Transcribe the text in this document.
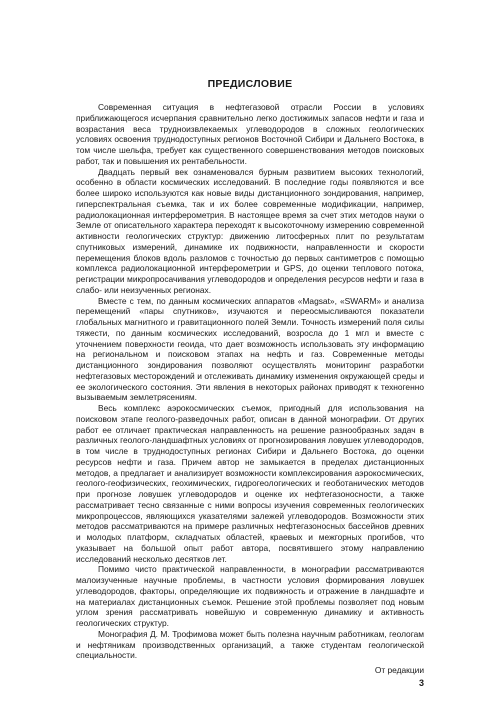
ПРЕДИСЛОВИЕ

Современная ситуация в нефтегазовой отрасли России в условиях приближающегося исчерпания сравнительно легко достижимых запасов нефти и газа и возрастания веса трудноизвлекаемых углеводородов в сложных геологических условиях освоения труднодоступных регионов Восточной Сибири и Дальнего Востока, в том числе шельфа, требует как существенного совершенствования методов поисковых работ, так и повышения их рентабельности.

Двадцать первый век ознаменовался бурным развитием высоких технологий, особенно в области космических исследований. В последние годы появляются и все более широко используются как новые виды дистанционного зондирования, например, гиперспектральная съемка, так и их более современные модификации, например, радиолокационная интерферометрия. В настоящее время за счет этих методов науки о Земле от описательного характера переходят к высокоточному измерению современной активности геологических структур: движению литосферных плит по результатам спутниковых измерений, динамике их подвижности, направленности и скорости перемещения блоков вдоль разломов с точностью до первых сантиметров с помощью комплекса радиолокационной интерферометрии и GPS, до оценки теплового потока, регистрации микропросачивания углеводородов и определения ресурсов нефти и газа в слабо- или неизученных регионах.

Вместе с тем, по данным космических аппаратов «Magsat», «SWARM» и анализа перемещений «пары спутников», изучаются и переосмысливаются показатели глобальных магнитного и гравитационного полей Земли. Точность измерений поля силы тяжести, по данным космических исследований, возросла до 1 мгл и вместе с уточнением поверхности геоида, что дает возможность использовать эту информацию на региональном и поисковом этапах на нефть и газ. Современные методы дистанционного зондирования позволяют осуществлять мониторинг разработки нефтегазовых месторождений и отслеживать динамику изменения окружающей среды и ее экологического состояния. Эти явления в некоторых районах приводят к техногенно вызываемым землетрясениям.

Весь комплекс аэрокосмических съемок, пригодный для использования на поисковом этапе геолого-разведочных работ, описан в данной монографии. От других работ ее отличает практическая направленность на решение разнообразных задач в различных геолого-ландшафтных условиях от прогнозирования ловушек углеводородов, в том числе в труднодоступных регионах Сибири и Дальнего Востока, до оценки ресурсов нефти и газа. Причем автор не замыкается в пределах дистанционных методов, а предлагает и анализирует возможности комплексирования аэрокосмических, геолого-геофизических, геохимических, гидрогеологических и геоботанических методов при прогнозе ловушек углеводородов и оценке их нефтегазоносности, а также рассматривает тесно связанные с ними вопросы изучения современных геологических микропроцессов, являющихся указателями залежей углеводородов. Возможности этих методов рассматриваются на примере различных нефтегазоносных бассейнов древних и молодых платформ, складчатых областей, краевых и межгорных прогибов, что указывает на большой опыт работ автора, посвятившего этому направлению исследований несколько десятков лет.

Помимо чисто практической направленности, в монографии рассматриваются малоизученные научные проблемы, в частности условия формирования ловушек углеводородов, факторы, определяющие их подвижность и отражение в ландшафте и на материалах дистанционных съемок. Решение этой проблемы позволяет под новым углом зрения рассматривать новейшую и современную динамику и активность геологических структур.

Монография Д. М. Трофимова может быть полезна научным работникам, геологам и нефтяникам производственных организаций, а также студентам геологической специальности.

От редакции
3
